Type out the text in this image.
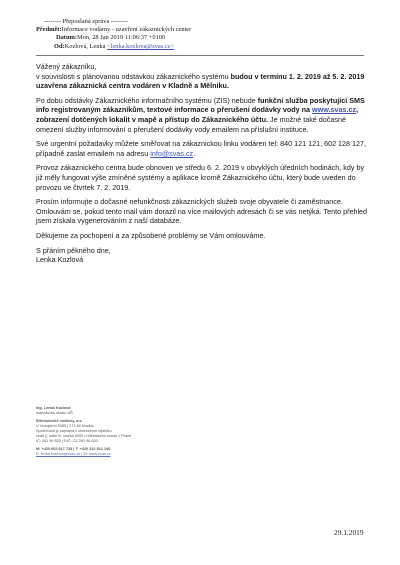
-------- Přeposlaná zpráva --------
Předmět:Informace vodárny - uzavření zákaznických center
Datum:Mon, 28 Jan 2019 11:06:37 +0100
Od:Kozlová, Lenka <lenka.kozlova@svas.cz>

Vážený zákazníku,
v souvislosti s plánovanou odstávkou zákaznického systému budou v termínu 1. 2. 2019 až 5. 2. 2019 uzavřena zákaznická centra vodáren v Kladně a Mělníku.

Po dobu odstávky Zákaznického informačního systému (ZIS) nebude funkční služba poskytující SMS info registrovaným zákazníkům, textové informace o přerušení dodávky vody na www.svas.cz, zobrazení dotčených lokalit v mapě a přístup do Zákaznického účtu. Je možné také dočasné omezení služby informování o přerušení dodávky vody emailem na příslušní instituce.

Své urgentní požadavky můžete směřovat na zákaznickou linku vodáren tel: 840 121 121, 602 128 127, případně zaslat emailem na adresu info@svas.cz.

Provoz zákaznického centra bude obnoven ve středu 6. 2. 2019 v obvyklých úředních hodinách, kdy by již měly fungovat výše zmíněné systémy a aplikace kromě Zákaznického účtu, který bude uveden do provozu ve čtvrtek 7. 2. 2019.

Prosím informujte o dočasné nefunkčnosti zákaznických služeb svoje obyvatele či zaměstnance. Omlouvám se, pokud tento mail vám dorazil na více mailových adresách či se vás netýká. Tento přehled jsem získala vygenerováním z naší databáze.

Děkujeme za pochopení a za způsobené problémy se Vám omlouváme.

S přáním pěkného dne,
Lenka Kozlová

Ing. Lenka Kozlová
manažerka útvaru ÚŘ
Středočeské vodárny, a.s.
U Vodojemu 3085 | 272 80 Kladno
Společnost je zapsána v obchodním rejstříku
vede ji, oddíl B, vložka 6095 u Městského soudu v Praze
IČ: 261 96 620 | DIČ: CZ 261 96 620
M: +420 602 617 733 | T: +420 312 812 140
E: lenka.kozlova@svas.cz | W: www.svas.cz
29.1.2019
